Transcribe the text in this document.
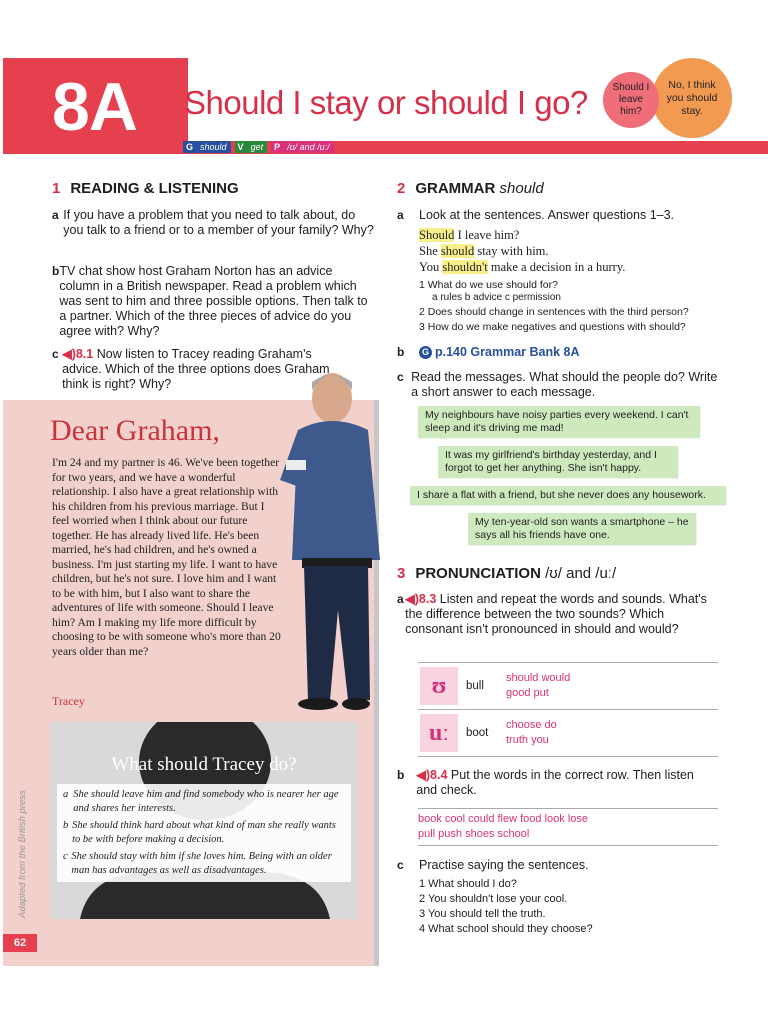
8A Should I stay or should I go?
G should	V get	P /ʊ/ and /uː/
No, I think you should stay.
Should I leave him?
1 READING & LISTENING
a If you have a problem that you need to talk about, do you talk to a friend or to a member of your family? Why?
b TV chat show host Graham Norton has an advice column in a British newspaper. Read a problem which was sent to him and three possible options. Then talk to a partner. Which of the three pieces of advice do you agree with? Why?
c ◀)8.1 Now listen to Tracey reading Graham's advice. Which of the three options does Graham think is right? Why?
Dear Graham,
I'm 24 and my partner is 46. We've been together for two years, and we have a wonderful relationship. I also have a great relationship with his children from his previous marriage. But I feel worried when I think about our future together. He has already lived life. He's been married, he's had children, and he's owned a business. I'm just starting my life. I want to have children, but he's not sure. I love him and I want to be with him, but I also want to share the adventures of life with someone. Should I leave him? Am I making my life more difficult by choosing to be with someone who's more than 20 years older than me?
Tracey
What should Tracey do?
a She should leave him and find somebody who is nearer her age and shares her interests.
b She should think hard about what kind of man she really wants to be with before making a decision.
c She should stay with him if she loves him. Being with an older man has advantages as well as disadvantages.
Adapted from the British press
62
2 GRAMMAR should
a	Look at the sentences. Answer questions 1–3.
Should I leave him?
She should stay with him.
You shouldn't make a decision in a hurry.
1 What do we use should for?
a rules b advice c permission
2 Does should change in sentences with the third person?
3 How do we make negatives and questions with should?
b	G p.140 Grammar Bank 8A
c Read the messages. What should the people do? Write a short answer to each message.
My neighbours have noisy parties every weekend. I can't sleep and it's driving me mad!
It was my girlfriend's birthday yesterday, and I forgot to get her anything. She isn't happy.
I share a flat with a friend, but she never does any housework.
My ten-year-old son wants a smartphone – he says all his friends have one.
3 PRONUNCIATION /ʊ/ and /uː/
a ◀)8.3 Listen and repeat the words and sounds. What's the difference between the two sounds? Which consonant isn't pronounced in should and would?
ʊ	bull
should would
good put
uː	boot
choose do
truth you
b ◀)8.4 Put the words in the correct row. Then listen and check.
book cool could flew food look lose
pull push shoes school
c	Practise saying the sentences.
1 What should I do?
2 You shouldn't lose your cool.
3 You should tell the truth.
4 What school should they choose?
